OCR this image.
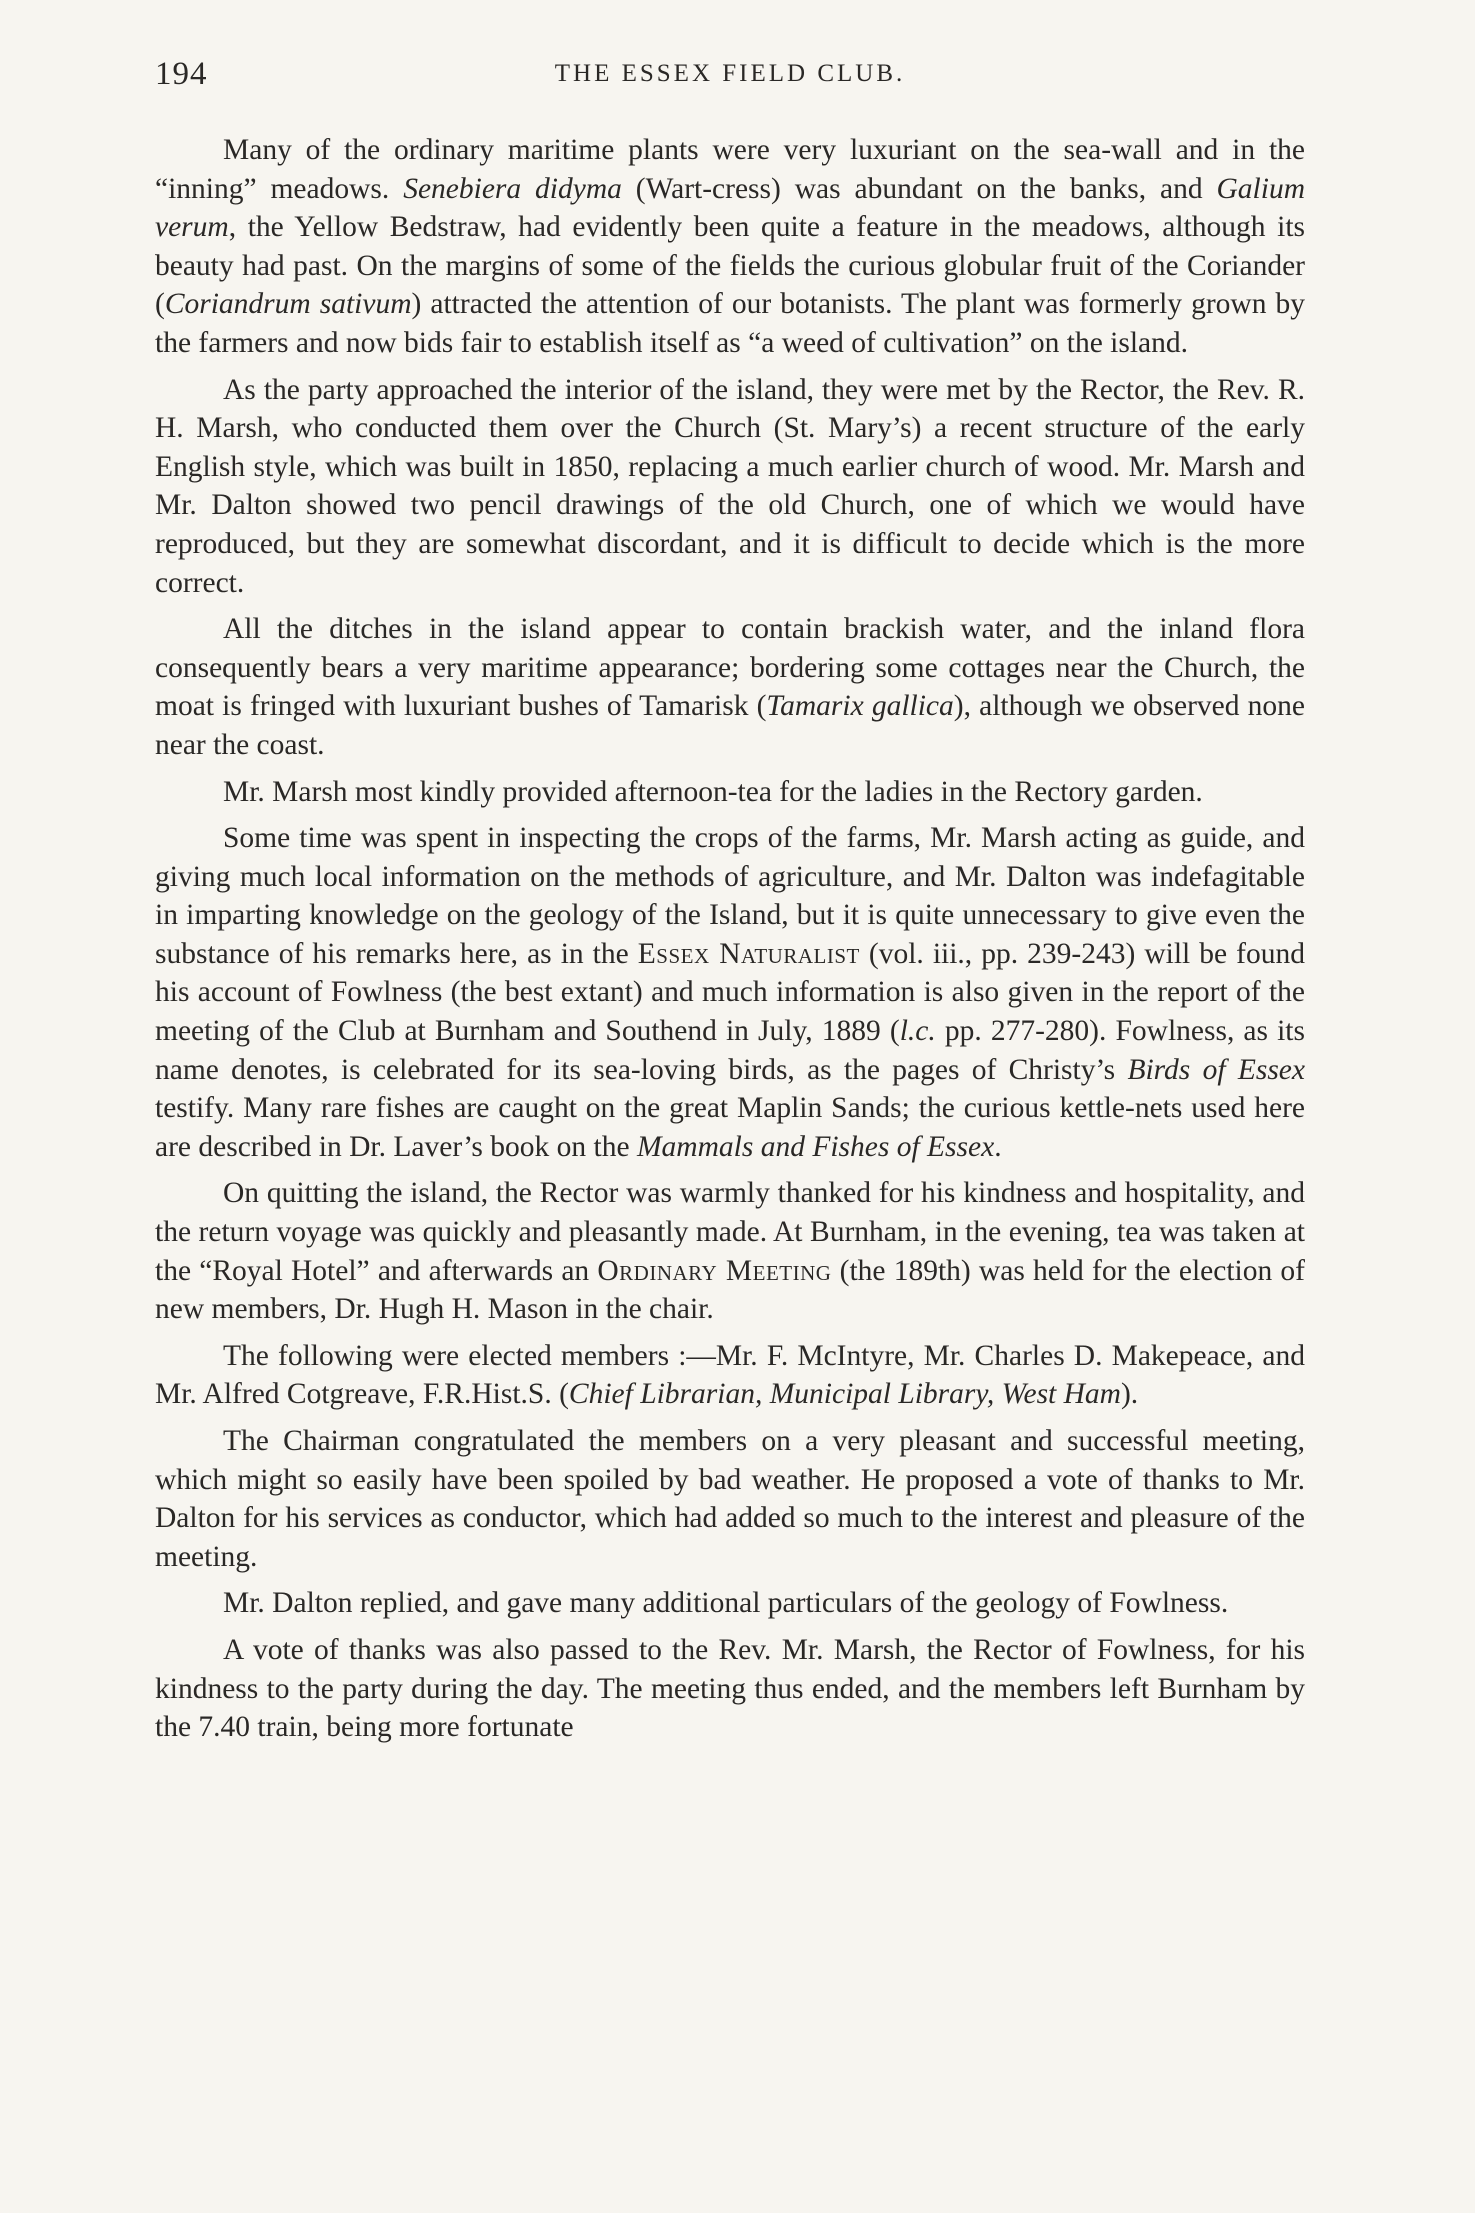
194	THE ESSEX FIELD CLUB.

Many of the ordinary maritime plants were very luxuriant on the sea-wall and in the “inning” meadows. Senebiera didyma (Wart-cress) was abundant on the banks, and Galium verum, the Yellow Bedstraw, had evidently been quite a feature in the meadows, although its beauty had past. On the margins of some of the fields the curious globular fruit of the Coriander (Coriandrum sativum) attracted the attention of our botanists. The plant was formerly grown by the farmers and now bids fair to establish itself as “a weed of cultivation” on the island.

As the party approached the interior of the island, they were met by the Rector, the Rev. R. H. Marsh, who conducted them over the Church (St. Mary’s) a recent structure of the early English style, which was built in 1850, replacing a much earlier church of wood. Mr. Marsh and Mr. Dalton showed two pencil drawings of the old Church, one of which we would have reproduced, but they are somewhat discordant, and it is difficult to decide which is the more correct.

All the ditches in the island appear to contain brackish water, and the inland flora consequently bears a very maritime appearance; bordering some cottages near the Church, the moat is fringed with luxuriant bushes of Tamarisk (Tamarix gallica), although we observed none near the coast.

Mr. Marsh most kindly provided afternoon-tea for the ladies in the Rectory garden.

Some time was spent in inspecting the crops of the farms, Mr. Marsh acting as guide, and giving much local information on the methods of agriculture, and Mr. Dalton was indefagitable in imparting knowledge on the geology of the Island, but it is quite unnecessary to give even the substance of his remarks here, as in the Essex Naturalist (vol. iii., pp. 239-243) will be found his account of Fowlness (the best extant) and much information is also given in the report of the meeting of the Club at Burnham and Southend in July, 1889 (l.c. pp. 277-280). Fowlness, as its name denotes, is celebrated for its sea-loving birds, as the pages of Christy’s Birds of Essex testify. Many rare fishes are caught on the great Maplin Sands; the curious kettle-nets used here are described in Dr. Laver’s book on the Mammals and Fishes of Essex.

On quitting the island, the Rector was warmly thanked for his kindness and hospitality, and the return voyage was quickly and pleasantly made. At Burnham, in the evening, tea was taken at the “Royal Hotel” and afterwards an Ordinary Meeting (the 189th) was held for the election of new members, Dr. Hugh H. Mason in the chair.

The following were elected members :—Mr. F. McIntyre, Mr. Charles D. Makepeace, and Mr. Alfred Cotgreave, F.R.Hist.S. (Chief Librarian, Municipal Library, West Ham).

The Chairman congratulated the members on a very pleasant and successful meeting, which might so easily have been spoiled by bad weather. He proposed a vote of thanks to Mr. Dalton for his services as conductor, which had added so much to the interest and pleasure of the meeting.

Mr. Dalton replied, and gave many additional particulars of the geology of Fowlness.

A vote of thanks was also passed to the Rev. Mr. Marsh, the Rector of Fowlness, for his kindness to the party during the day. The meeting thus ended, and the members left Burnham by the 7.40 train, being more fortunate
